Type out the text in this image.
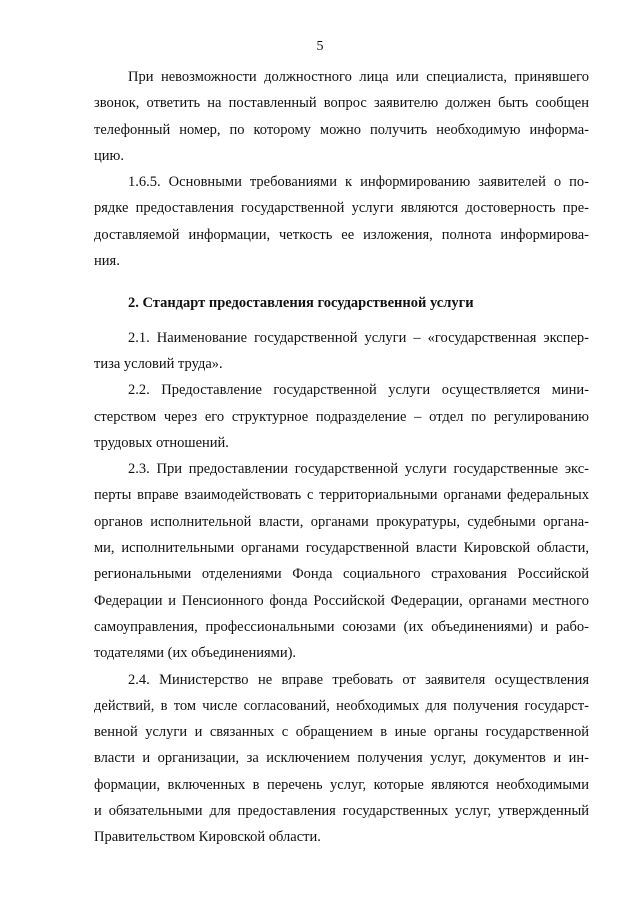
5
При невозможности должностного лица или специалиста, принявшего
звонок, ответить на поставленный вопрос заявителю должен быть сообщен
телефонный номер, по которому можно получить необходимую информа-
цию.
1.6.5. Основными требованиями к информированию заявителей о по-
рядке предоставления государственной услуги являются достоверность пре-
доставляемой информации, четкость ее изложения, полнота информирова-
ния.
2. Стандарт предоставления государственной услуги
2.1. Наименование государственной услуги – «государственная экспер-
тиза условий труда».
2.2. Предоставление государственной услуги осуществляется мини-
стерством через его структурное подразделение – отдел по регулированию
трудовых отношений.
2.3. При предоставлении государственной услуги государственные экс-
перты вправе взаимодействовать с территориальными органами федеральных
органов исполнительной власти, органами прокуратуры, судебными органа-
ми, исполнительными органами государственной власти Кировской области,
региональными отделениями Фонда социального страхования Российской
Федерации и Пенсионного фонда Российской Федерации, органами местного
самоуправления, профессиональными союзами (их объединениями) и рабо-
тодателями (их объединениями).
2.4. Министерство не вправе требовать от заявителя осуществления
действий, в том числе согласований, необходимых для получения государст-
венной услуги и связанных с обращением в иные органы государственной
власти и организации, за исключением получения услуг, документов и ин-
формации, включенных в перечень услуг, которые являются необходимыми
и обязательными для предоставления государственных услуг, утвержденный
Правительством Кировской области.
